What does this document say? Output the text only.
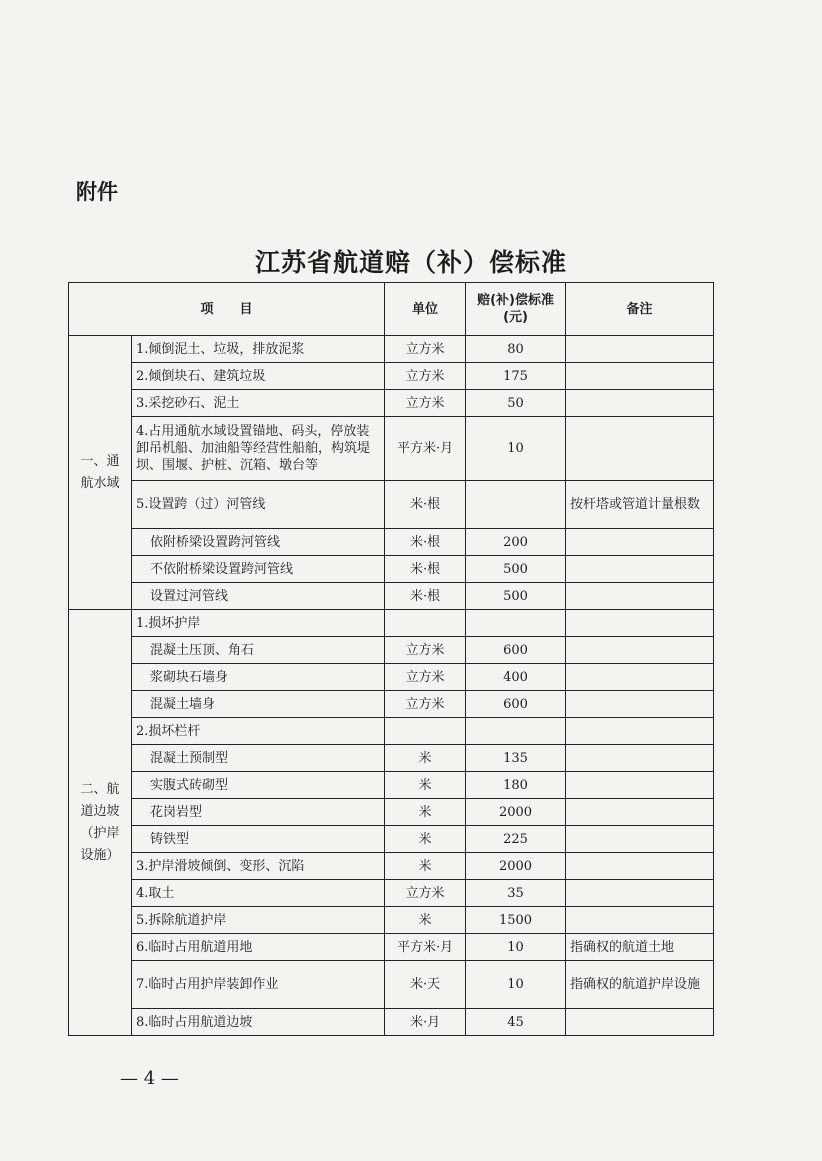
附件
江苏省航道赔（补）偿标准
项　　目		单位	赔(补)偿标准(元)	备注
一、通航水域	1.倾倒泥土、垃圾，排放泥浆	立方米	80	
	2.倾倒块石、建筑垃圾	立方米	175	
	3.采挖砂石、泥土	立方米	50	
	4.占用通航水域设置锚地、码头，停放装卸吊机船、加油船等经营性船舶，构筑堤坝、围堰、护桩、沉箱、墩台等	平方米·月	10	
	5.设置跨（过）河管线	米·根		按杆塔或管道计量根数
	依附桥梁设置跨河管线	米·根	200	
	不依附桥梁设置跨河管线	米·根	500	
	设置过河管线	米·根	500	
二、航道边坡（护岸设施）	1.损坏护岸			
	混凝土压顶、角石	立方米	600	
	浆砌块石墙身	立方米	400	
	混凝土墙身	立方米	600	
	2.损坏栏杆			
	混凝土预制型	米	135	
	实腹式砖砌型	米	180	
	花岗岩型	米	2000	
	铸铁型	米	225	
	3.护岸滑坡倾倒、变形、沉陷	米	2000	
	4.取土	立方米	35	
	5.拆除航道护岸	米	1500	
	6.临时占用航道用地	平方米·月	10	指确权的航道土地
	7.临时占用护岸装卸作业	米·天	10	指确权的航道护岸设施
	8.临时占用航道边坡	米·月	45	
— 4 —
